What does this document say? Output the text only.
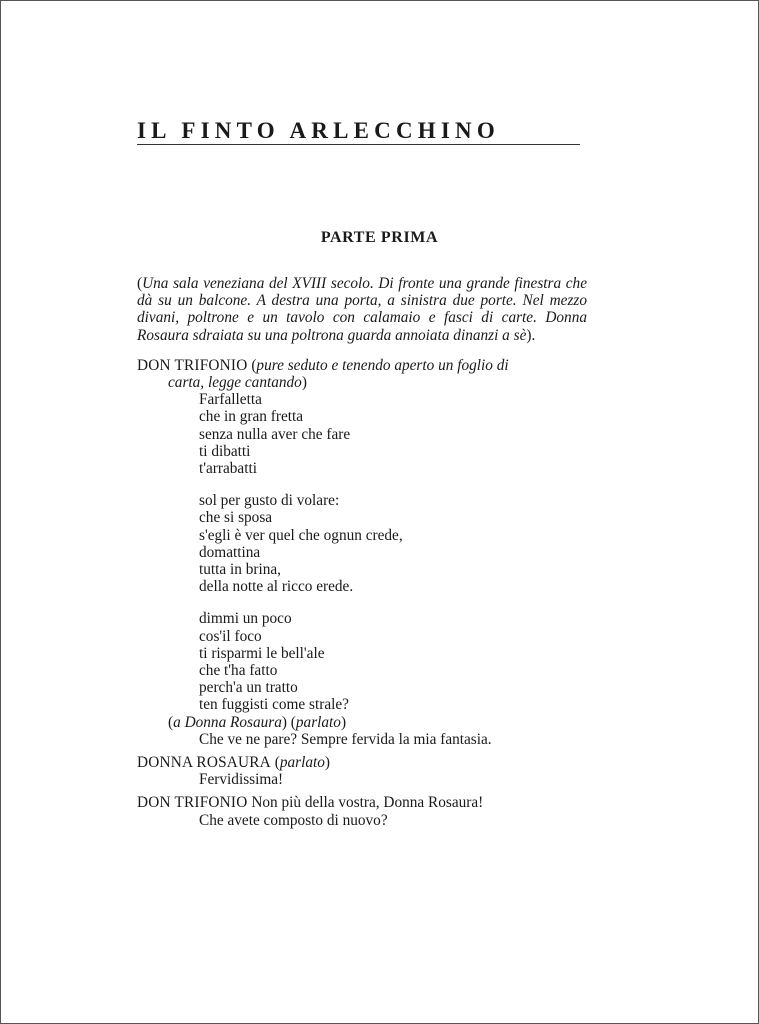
IL FINTO ARLECCHINO
PARTE PRIMA

(Una sala veneziana del XVIII secolo. Di fronte una grande finestra che dà su un balcone. A destra una porta, a sinistra due porte. Nel mezzo divani, poltrone e un tavolo con calamaio e fasci di carte. Donna Rosaura sdraiata su una poltrona guarda annoiata dinanzi a sè).

DON TRIFONIO (pure seduto e tenendo aperto un foglio di

carta, legge cantando)

Farfalletta
che in gran fretta
senza nulla aver che fare
ti dibatti
t'arrabatti
sol per gusto di volare:
che si sposa
s'egli è ver quel che ognun crede,
domattina
tutta in brina,
della notte al ricco erede.
dimmi un poco
cos'il foco
ti risparmi le bell'ale
che t'ha fatto
perch'a un tratto
ten fuggisti come strale?

(a Donna Rosaura) (parlato)

Che ve ne pare? Sempre fervida la mia fantasia.

DONNA ROSAURA (parlato)

Fervidissima!

DON TRIFONIO Non più della vostra, Donna Rosaura!

Che avete composto di nuovo?
